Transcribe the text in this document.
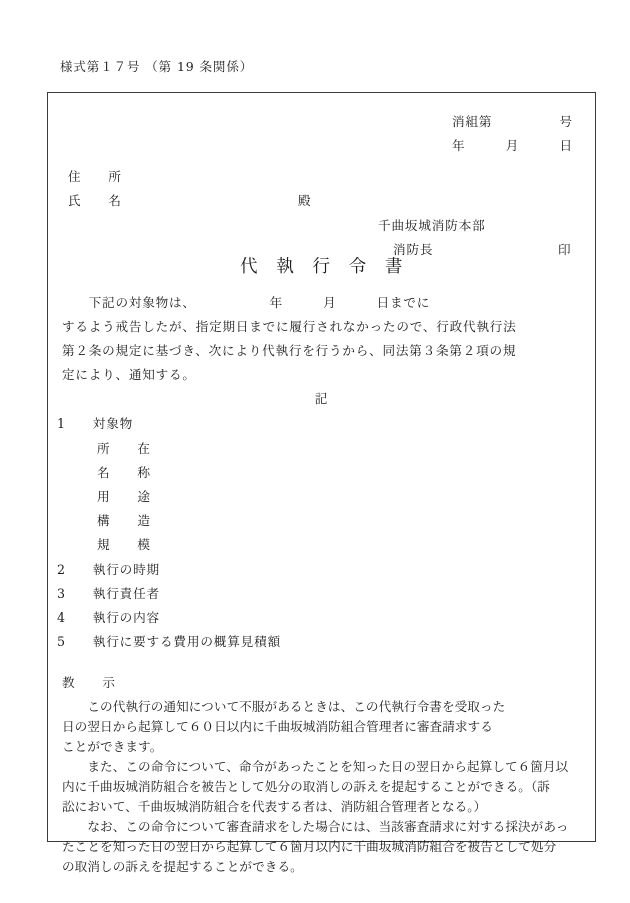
様式第１７号 （第 19 条関係）
消組第　　　　　号
年　　　月　　　日
住　　所
氏　　名	殿
千曲坂城消防本部
消防長	印
代　執　行　令　書
　　下記の対象物は、　　　　　　年　　　月　　　日までに
するよう戒告したが、指定期日までに履行されなかったので、行政代執行法
第２条の規定に基づき、次により代執行を行うから、同法第３条第２項の規
定により、通知する。
記
1　　 対象物
所　　在
名　　称
用　　途
構　　造
規　　模
2　　 執行の時期
3　　 執行責任者
4　　 執行の内容
5　　 執行に要する費用の概算見積額
教　　示
　　この代執行の通知について不服があるときは、この代執行令書を受取った
日の翌日から起算して６０日以内に千曲坂城消防組合管理者に審査請求する
ことができます。
　　また、この命令について、命令があったことを知った日の翌日から起算して６箇月以
内に千曲坂城消防組合を被告として処分の取消しの訴えを提起することができる。（訴
訟において、千曲坂城消防組合を代表する者は、消防組合管理者となる。）
　　なお、この命令について審査請求をした場合には、当該審査請求に対する採決があっ
たことを知った日の翌日から起算して６箇月以内に千曲坂城消防組合を被告として処分
の取消しの訴えを提起することができる。
